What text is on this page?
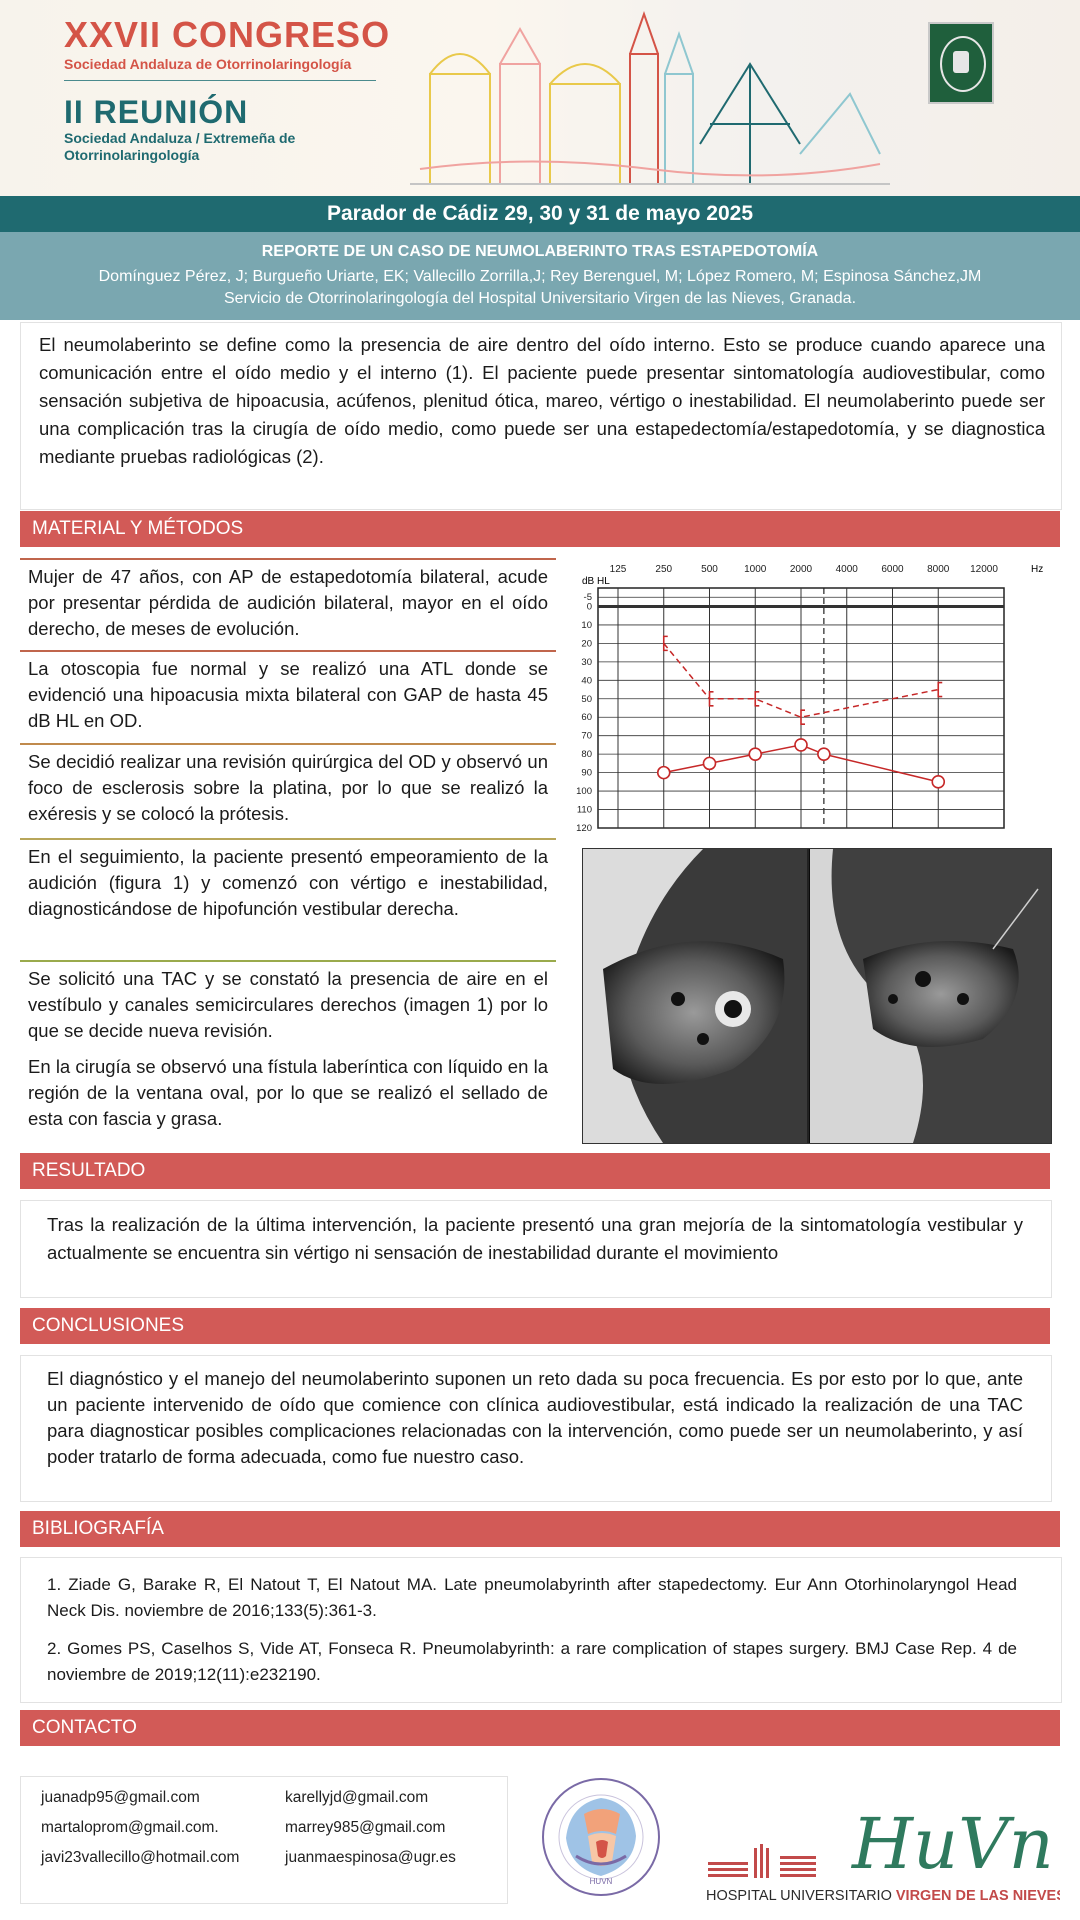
XXVII CONGRESO
Sociedad Andaluza de Otorrinolaringología
II REUNIÓN
Sociedad Andaluza / Extremeña de Otorrinolaringología
Parador de Cádiz 29, 30 y 31 de mayo 2025
REPORTE DE UN CASO DE NEUMOLABERINTO TRAS ESTAPEDOTOMÍA
Domínguez Pérez, J; Burgueño Uriarte, EK; Vallecillo Zorrilla,J; Rey Berenguel, M; López Romero, M; Espinosa Sánchez,JM
Servicio de Otorrinolaringología del Hospital Universitario Virgen de las Nieves, Granada.
El neumolaberinto se define como la presencia de aire dentro del oído interno. Esto se produce cuando aparece una comunicación entre el oído medio y el interno (1). El paciente puede presentar sintomatología audiovestibular, como sensación subjetiva de hipoacusia, acúfenos, plenitud ótica, mareo, vértigo o inestabilidad. El neumolaberinto puede ser una complicación tras la cirugía de oído medio, como puede ser una estapedectomía/estapedotomía, y se diagnostica mediante pruebas radiológicas (2).
MATERIAL Y MÉTODOS
Mujer de 47 años, con AP de estapedotomía bilateral, acude por presentar pérdida de audición bilateral, mayor en el oído derecho, de meses de evolución.
La otoscopia fue normal y se realizó una ATL donde se evidenció una hipoacusia mixta bilateral con GAP de hasta 45 dB HL en OD.
Se decidió realizar una revisión quirúrgica del OD y observó un foco de esclerosis sobre la platina, por lo que se realizó la exéresis y se colocó la prótesis.
En el seguimiento, la paciente presentó empeoramiento de la audición (figura 1) y comenzó con vértigo e inestabilidad, diagnosticándose de hipofunción vestibular derecha.
Se solicitó una TAC y se constató la presencia de aire en el vestíbulo y canales semicirculares derechos (imagen 1) por lo que se decide nueva revisión.
En la cirugía se observó una fístula laberíntica con líquido en la región de la ventana oval, por lo que se realizó el sellado de esta con fascia y grasa.
125	250	500	1000 2000 4000 6000 8000 12000
-5
0
10
20
30
40
50
60
70
80
90
100
110
120
dB HL
Hz
RESULTADO
Tras la realización de la última intervención, la paciente presentó una gran mejoría de la sintomatología vestibular y actualmente se encuentra sin vértigo ni sensación de inestabilidad durante el movimiento
CONCLUSIONES
El diagnóstico y el manejo del neumolaberinto suponen un reto dada su poca frecuencia. Es por esto por lo que, ante un paciente intervenido de oído que comience con clínica audiovestibular, está indicado la realización de una TAC para diagnosticar posibles complicaciones relacionadas con la intervención, como puede ser un neumolaberinto, y así poder tratarlo de forma adecuada, como fue nuestro caso.
BIBLIOGRAFÍA
1. Ziade G, Barake R, El Natout T, El Natout MA. Late pneumolabyrinth after stapedectomy. Eur Ann Otorhinolaryngol Head Neck Dis. noviembre de 2016;133(5):361-3.
2. Gomes PS, Caselhos S, Vide AT, Fonseca R. Pneumolabyrinth: a rare complication of stapes surgery. BMJ Case Rep. 4 de noviembre de 2019;12(11):e232190.
CONTACTO
juanadp95@gmail.com
martaloprom@gmail.com.
javi23vallecillo@hotmail.com
karellyjd@gmail.com
marrey985@gmail.com
juanmaespinosa@ugr.es
HUVN	HuVn
HOSPITAL UNIVERSITARIO VIRGEN DE LAS NIEVES
